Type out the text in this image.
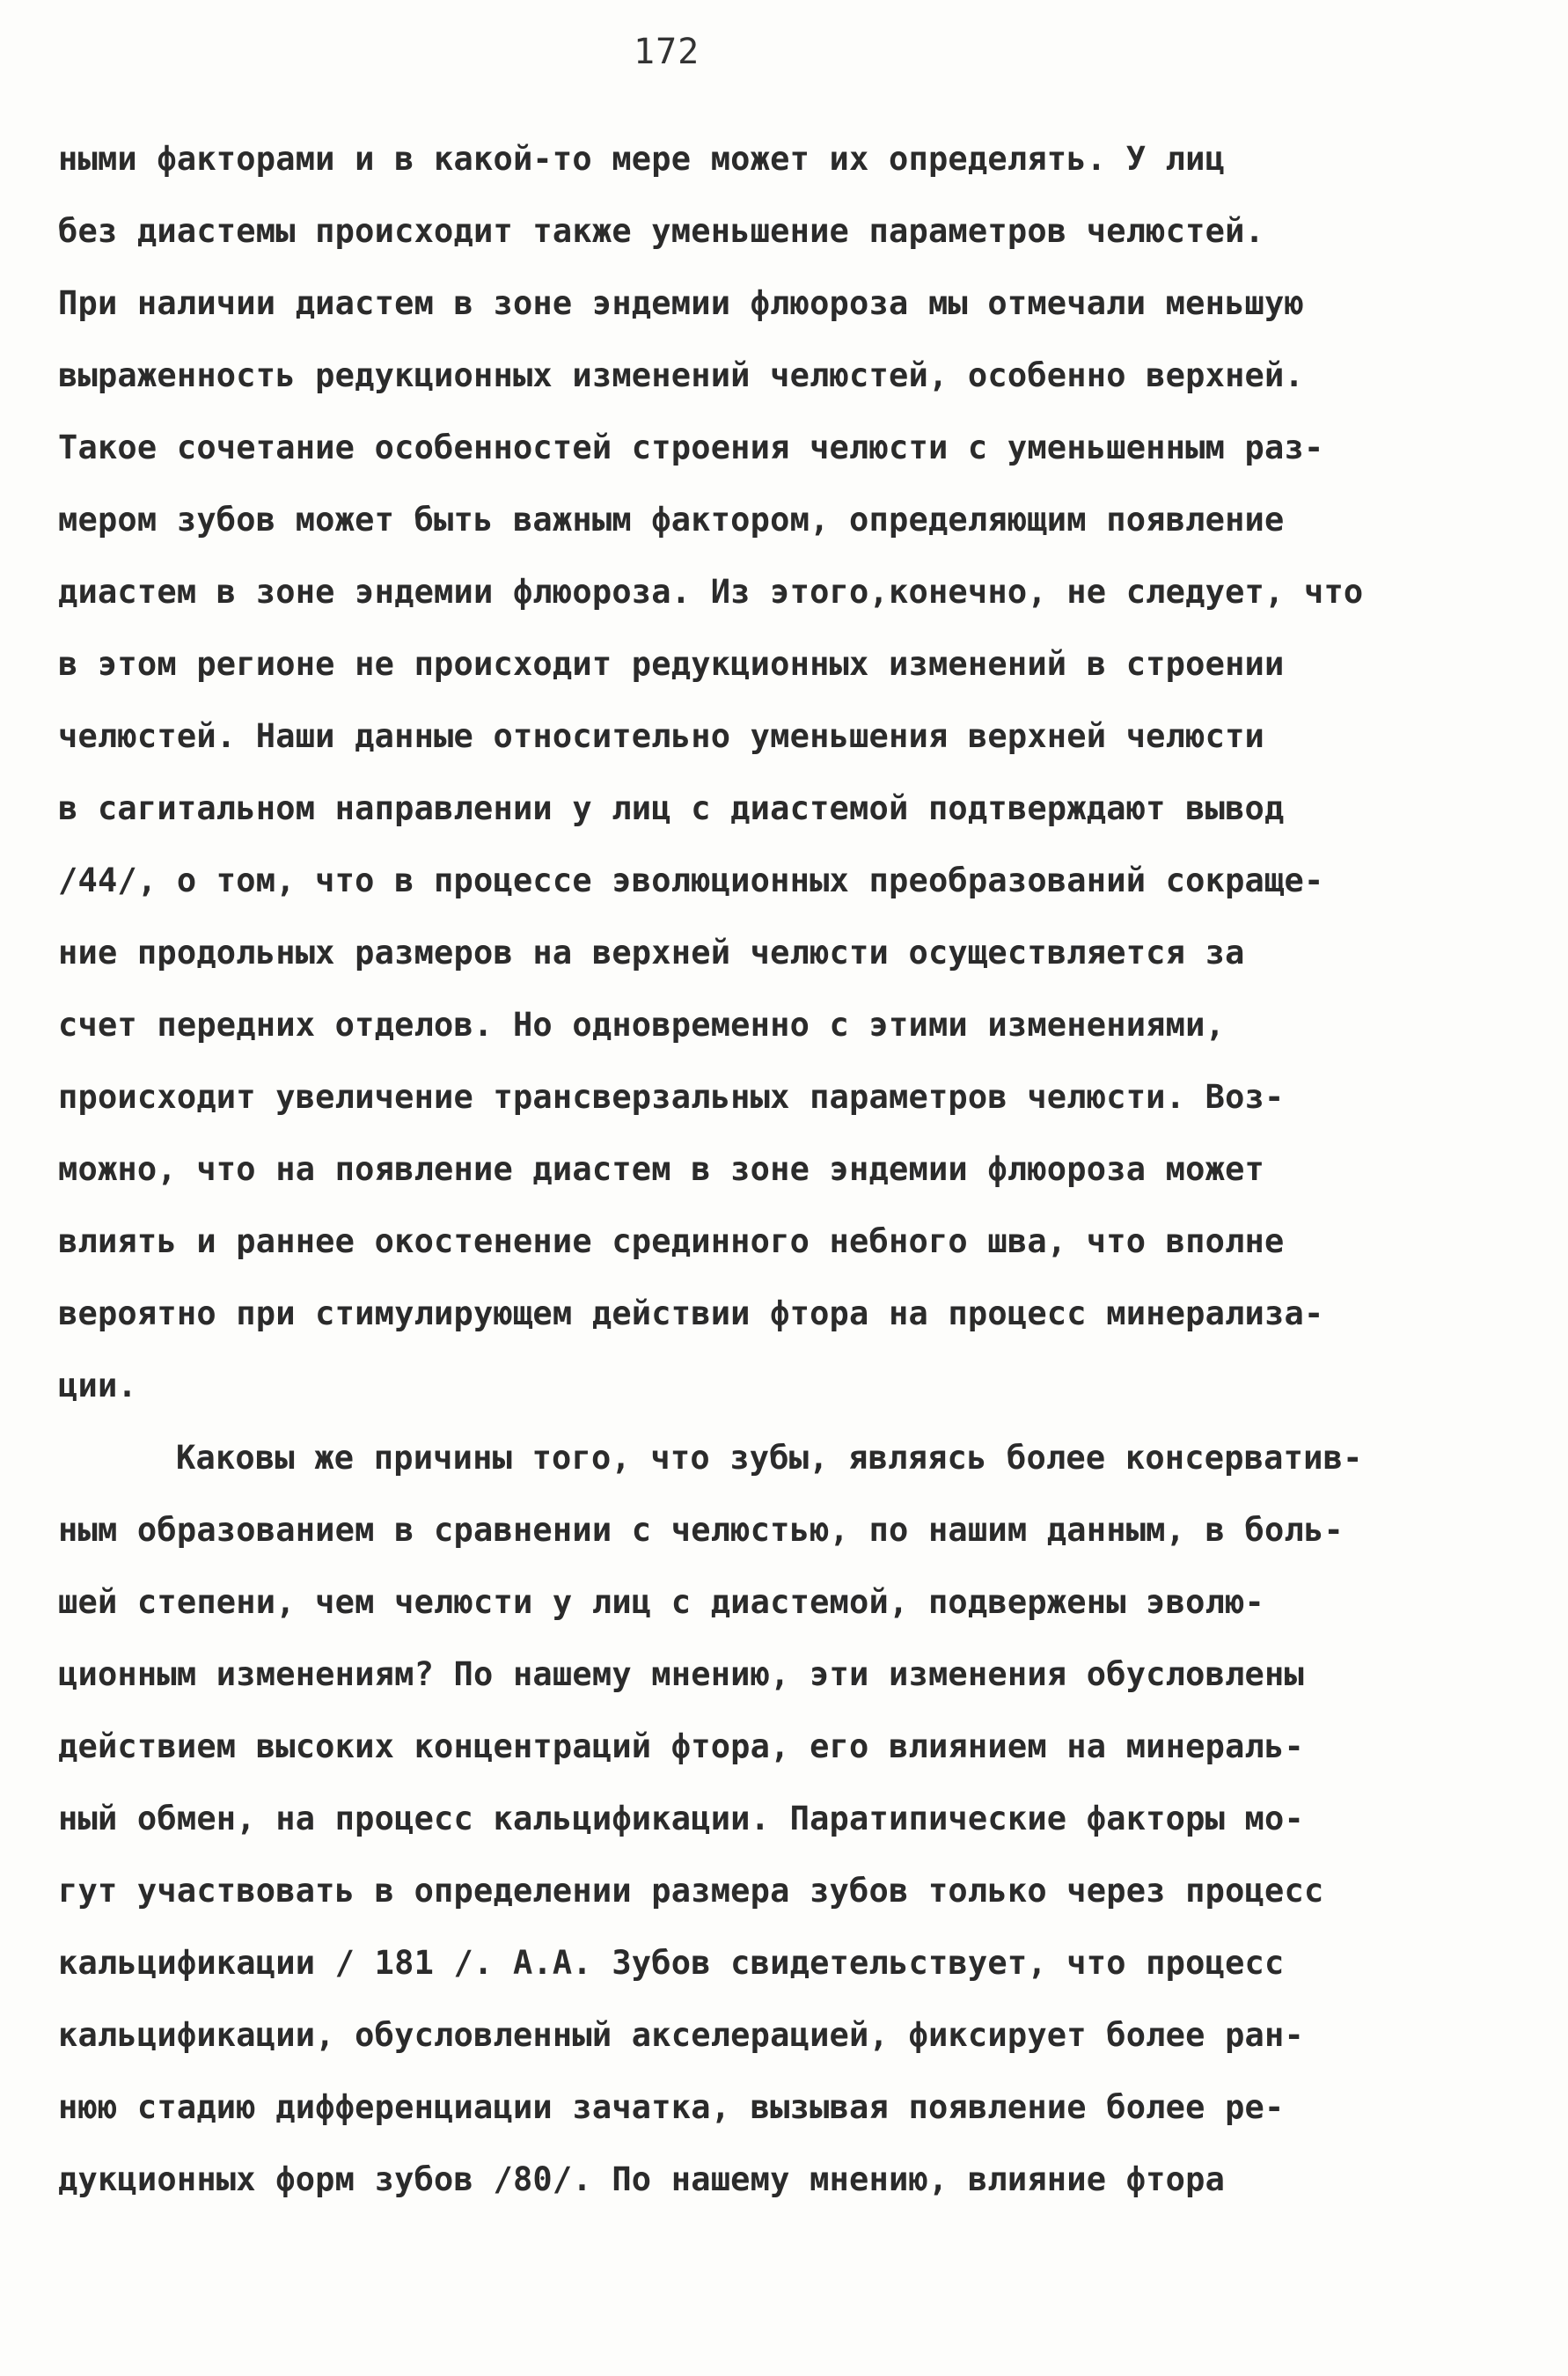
172
ными факторами и в какой-то мере может их определять. У лиц
без диастемы происходит также уменьшение параметров челюстей.
При наличии диастем в зоне эндемии флюороза мы отмечали меньшую
выраженность редукционных изменений челюстей, особенно верхней.
Такое сочетание особенностей строения челюсти с уменьшенным раз-
мером зубов может быть важным фактором, определяющим появление
диастем в зоне эндемии флюороза. Из этого,конечно, не следует, что
в этом регионе не происходит редукционных изменений в строении
челюстей. Наши данные относительно уменьшения верхней челюсти
в сагитальном направлении у лиц с диастемой подтверждают вывод
/44/, о том, что в процессе эволюционных преобразований сокраще-
ние продольных размеров на верхней челюсти осуществляется за
счет передних отделов. Но одновременно с этими изменениями,
происходит увеличение трансверзальных параметров челюсти. Воз-
можно, что на появление диастем в зоне эндемии флюороза может
влиять и раннее окостенение срединного небного шва, что вполне
вероятно при стимулирующем действии фтора на процесс минерализа-
ции.
Каковы же причины того, что зубы, являясь более консерватив-
ным образованием в сравнении с челюстью, по нашим данным, в боль-
шей степени, чем челюсти у лиц с диастемой, подвержены эволю-
ционным изменениям? По нашему мнению, эти изменения обусловлены
действием высоких концентраций фтора, его влиянием на минераль-
ный обмен, на процесс кальцификации. Паратипические факторы мо-
гут участвовать в определении размера зубов только через процесс
кальцификации / 181 /. А.А. Зубов свидетельствует, что процесс
кальцификации, обусловленный акселерацией, фиксирует более ран-
нюю стадию дифференциации зачатка, вызывая появление более ре-
дукционных форм зубов /80/. По нашему мнению, влияние фтора
